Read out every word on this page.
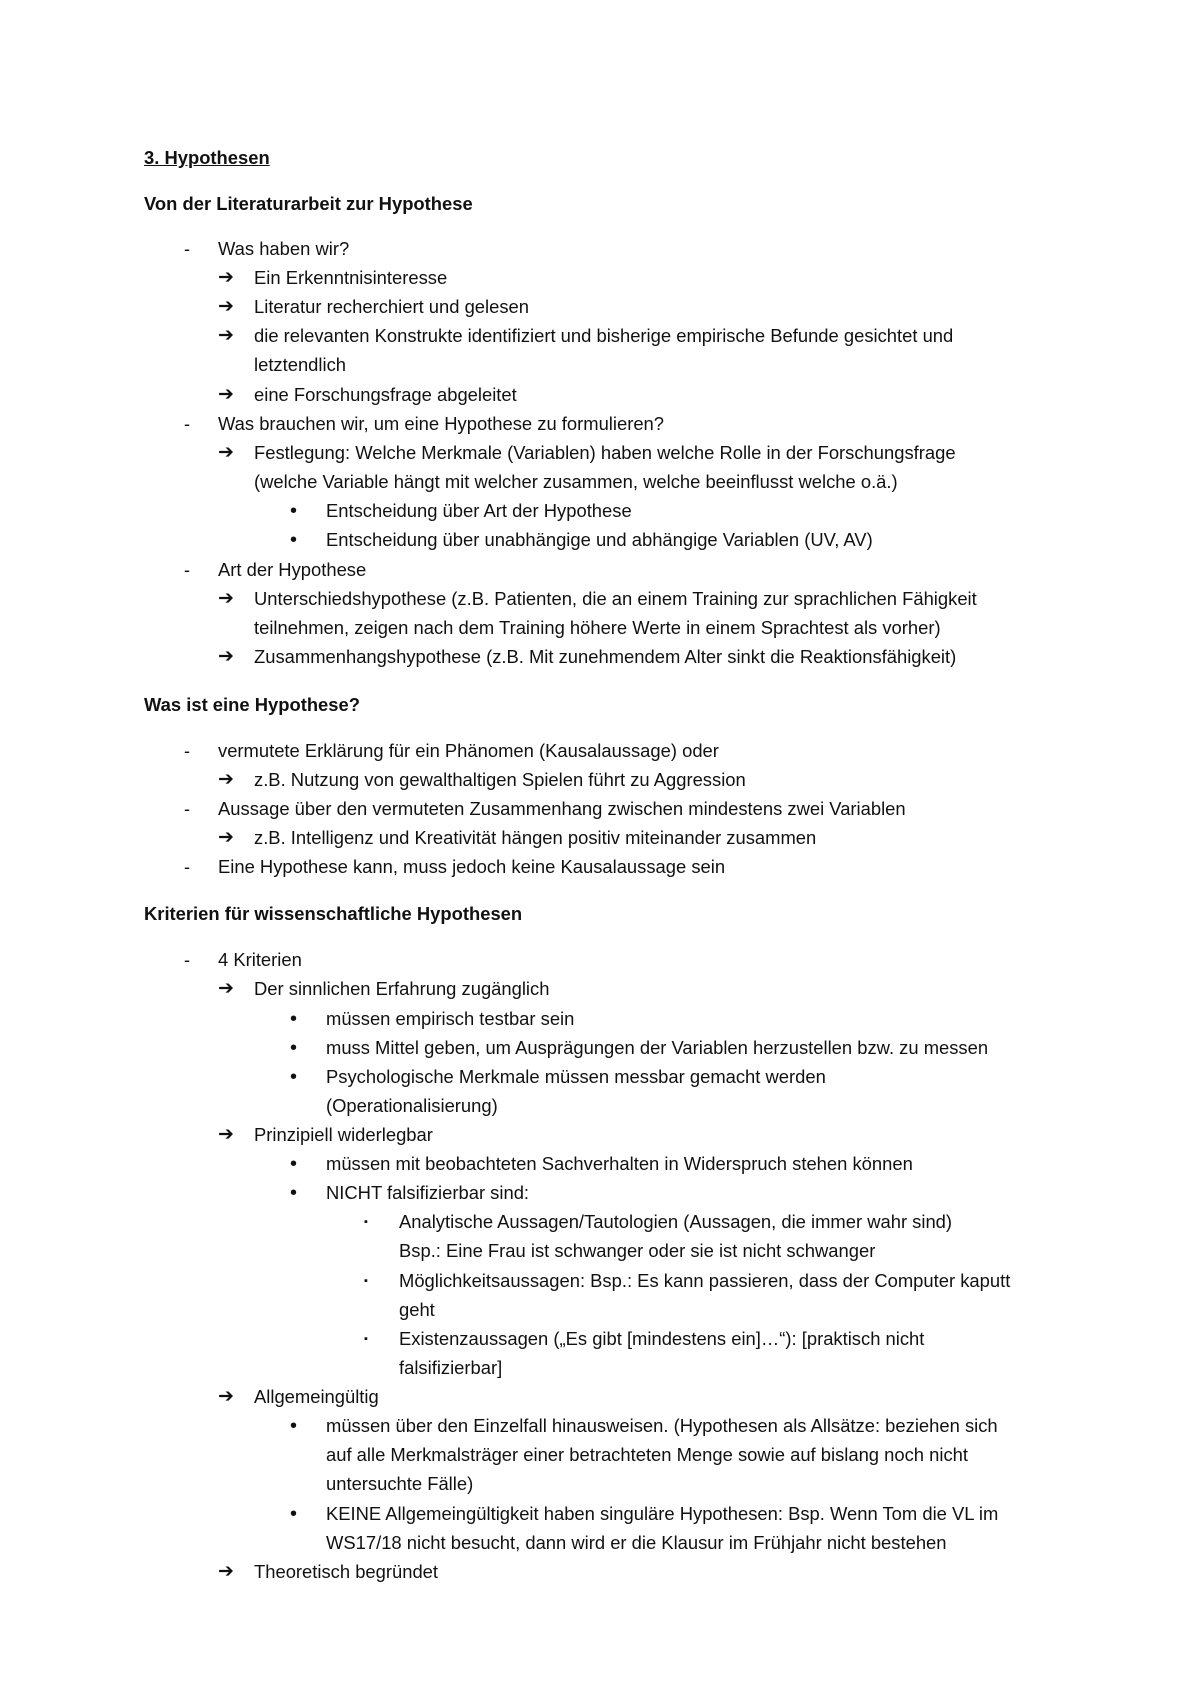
3. Hypothesen
Von der Literaturarbeit zur Hypothese
- Was haben wir?
➔ Ein Erkenntnisinteresse
➔ Literatur recherchiert und gelesen
➔ die relevanten Konstrukte identifiziert und bisherige empirische Befunde gesichtet und
letztendlich
➔ eine Forschungsfrage abgeleitet
- Was brauchen wir, um eine Hypothese zu formulieren?
➔ Festlegung: Welche Merkmale (Variablen) haben welche Rolle in der Forschungsfrage
(welche Variable hängt mit welcher zusammen, welche beeinflusst welche o.ä.)
• Entscheidung über Art der Hypothese
• Entscheidung über unabhängige und abhängige Variablen (UV, AV)
- Art der Hypothese
➔ Unterschiedshypothese (z.B. Patienten, die an einem Training zur sprachlichen Fähigkeit
teilnehmen, zeigen nach dem Training höhere Werte in einem Sprachtest als vorher)
➔ Zusammenhangshypothese (z.B. Mit zunehmendem Alter sinkt die Reaktionsfähigkeit)
Was ist eine Hypothese?
- vermutete Erklärung für ein Phänomen (Kausalaussage) oder
➔ z.B. Nutzung von gewalthaltigen Spielen führt zu Aggression
- Aussage über den vermuteten Zusammenhang zwischen mindestens zwei Variablen
➔ z.B. Intelligenz und Kreativität hängen positiv miteinander zusammen
- Eine Hypothese kann, muss jedoch keine Kausalaussage sein
Kriterien für wissenschaftliche Hypothesen
- 4 Kriterien
➔ Der sinnlichen Erfahrung zugänglich
• müssen empirisch testbar sein
• muss Mittel geben, um Ausprägungen der Variablen herzustellen bzw. zu messen
• Psychologische Merkmale müssen messbar gemacht werden
(Operationalisierung)
➔ Prinzipiell widerlegbar
• müssen mit beobachteten Sachverhalten in Widerspruch stehen können
• NICHT falsifizierbar sind:
▪ Analytische Aussagen/Tautologien (Aussagen, die immer wahr sind)
Bsp.: Eine Frau ist schwanger oder sie ist nicht schwanger
▪ Möglichkeitsaussagen: Bsp.: Es kann passieren, dass der Computer kaputt
geht
▪ Existenzaussagen („Es gibt [mindestens ein]…“): [praktisch nicht
falsifizierbar]
➔ Allgemeingültig
• müssen über den Einzelfall hinausweisen. (Hypothesen als Allsätze: beziehen sich
auf alle Merkmalsträger einer betrachteten Menge sowie auf bislang noch nicht
untersuchte Fälle)
• KEINE Allgemeingültigkeit haben singuläre Hypothesen: Bsp. Wenn Tom die VL im
WS17/18 nicht besucht, dann wird er die Klausur im Frühjahr nicht bestehen
➔ Theoretisch begründet
